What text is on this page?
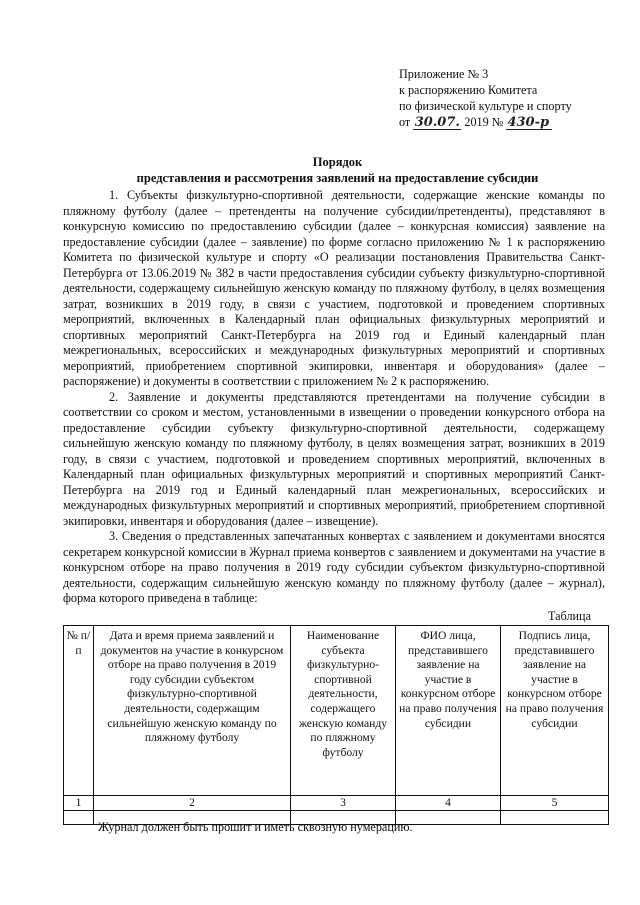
Приложение № 3
к распоряжению Комитета
по физической культуре и спорту
от 30.07. 2019 № 430-р
Порядок
представления и рассмотрения заявлений на предоставление субсидии

1. Субъекты физкультурно-спортивной деятельности, содержащие женские команды по пляжному футболу (далее – претенденты на получение субсидии/претенденты), представляют в конкурсную комиссию по предоставлению субсидии (далее – конкурсная комиссия) заявление на предоставление субсидии (далее – заявление) по форме согласно приложению № 1 к распоряжению Комитета по физической культуре и спорту «О реализации постановления Правительства Санкт-Петербурга от 13.06.2019 № 382 в части предоставления субсидии субъекту физкультурно-спортивной деятельности, содержащему сильнейшую женскую команду по пляжному футболу, в целях возмещения затрат, возникших в 2019 году, в связи с участием, подготовкой и проведением спортивных мероприятий, включенных в Календарный план официальных физкультурных мероприятий и спортивных мероприятий Санкт-Петербурга на 2019 год и Единый календарный план межрегиональных, всероссийских и международных физкультурных мероприятий и спортивных мероприятий, приобретением спортивной экипировки, инвентаря и оборудования» (далее – распоряжение) и документы в соответствии с приложением № 2 к распоряжению.

2. Заявление и документы представляются претендентами на получение субсидии в соответствии со сроком и местом, установленными в извещении о проведении конкурсного отбора на предоставление субсидии субъекту физкультурно-спортивной деятельности, содержащему сильнейшую женскую команду по пляжному футболу, в целях возмещения затрат, возникших в 2019 году, в связи с участием, подготовкой и проведением спортивных мероприятий, включенных в Календарный план официальных физкультурных мероприятий и спортивных мероприятий Санкт-Петербурга на 2019 год и Единый календарный план межрегиональных, всероссийских и международных физкультурных мероприятий и спортивных мероприятий, приобретением спортивной экипировки, инвентаря и оборудования (далее – извещение).

3. Сведения о представленных запечатанных конвертах с заявлением и документами вносятся секретарем конкурсной комиссии в Журнал приема конвертов с заявлением и документами на участие в конкурсном отборе на право получения в 2019 году субсидии субъектом физкультурно-спортивной деятельности, содержащим сильнейшую женскую команду по пляжному футболу (далее – журнал), форма которого приведена в таблице:

Таблица
№ п/п	Дата и время приема заявлений и документов на участие в конкурсном отборе на право получения в 2019 году субсидии субъектом физкультурно-спортивной деятельности, содержащим сильнейшую женскую команду по пляжному футболу	Наименование субъекта физкультурно-спортивной деятельности, содержащего женскую команду по пляжному футболу	ФИО лица, представившего заявление на участие в конкурсном отборе на право получения субсидии	Подпись лица, представившего заявление на участие в конкурсном отборе на право получения субсидии
1	2	3	4	5

Журнал должен быть прошит и иметь сквозную нумерацию.
